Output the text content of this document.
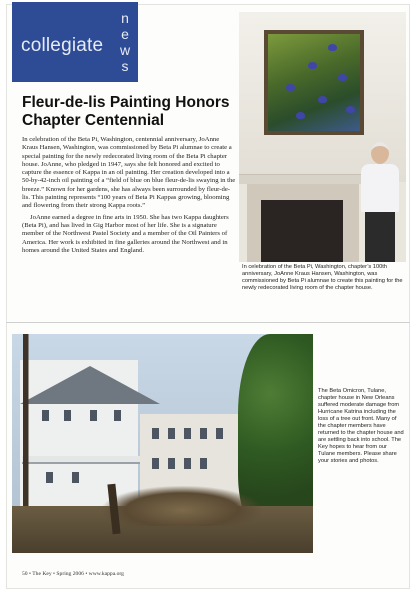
collegiate news
Fleur-de-lis Painting Honors Chapter Centennial

In celebration of the Beta Pi, Washington, centennial anniversary, JoAnne Kraus Hansen, Washington, was commissioned by Beta Pi alumnae to create a special painting for the newly redecorated living room of the Beta Pi chapter house. JoAnne, who pledged in 1947, says she felt honored and excited to capture the essence of Kappa in an oil painting. Her creation developed into a 50-by-42-inch oil painting of a “field of blue on blue fleur-de-lis swaying in the breeze.” Known for her gardens, she has always been surrounded by fleur-de-lis. This painting represents “100 years of Beta Pi Kappas growing, blooming and flowering from their strong Kappa roots.”

JoAnne earned a degree in fine arts in 1950. She has two Kappa daughters (Beta Pi), and has lived in Gig Harbor most of her life. She is a signature member of the Northwest Pastel Society and a member of the Oil Painters of America. Her work is exhibited in fine galleries around the Northwest and in homes around the United States and England.

In celebration of the Beta Pi, Washington, chapter’s 100th anniversary, JoAnne Kraus Hansen, Washington, was commissioned by Beta Pi alumnae to create this painting for the newly redecorated living room of the chapter house.

The Beta Omicron, Tulane, chapter house in New Orleans suffered moderate damage from Hurricane Katrina including the loss of a tree out front. Many of the chapter members have returned to the chapter house and are settling back into school. The Key hopes to hear from our Tulane members. Please share your stories and photos.

50 • The Key • Spring 2006 • www.kappa.org
